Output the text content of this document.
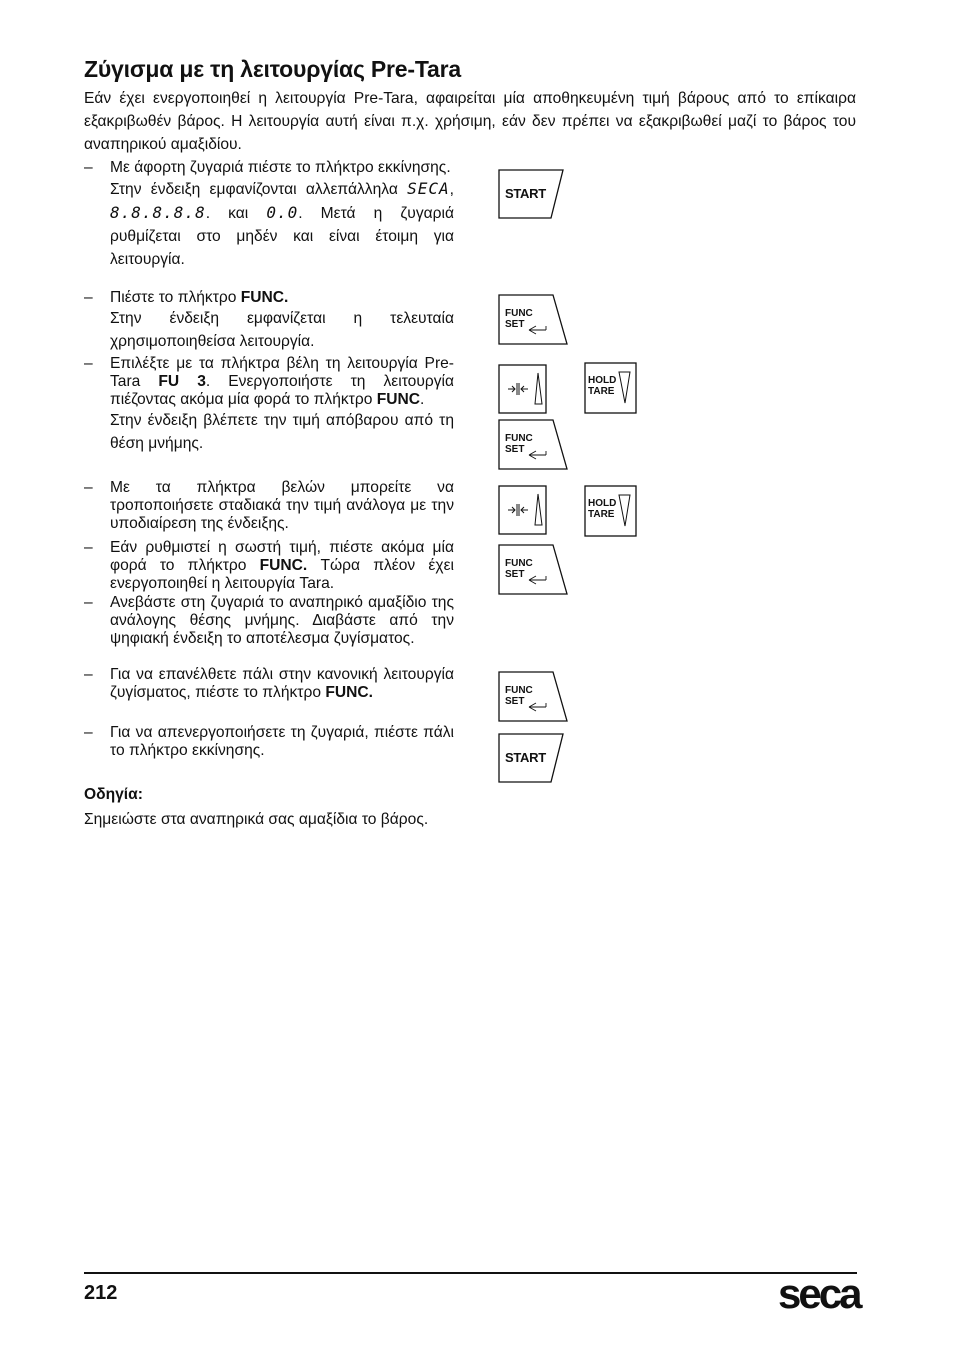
Ζύγισμα με τη λειτουργίας Pre-Tara

Εάν έχει ενεργοποιηθεί η λειτουργία Pre-Tara, αφαιρείται μία αποθηκευμένη τιμή βάρους από το επίκαιρα εξακριβωθέν βάρος. Η λειτουργία αυτή είναι π.χ. χρήσιμη, εάν δεν πρέπει να εξακριβωθεί μαζί το βάρος του αναπηρικού αμαξιδίου.

– Με άφορτη ζυγαριά πιέστε το πλήκτρο εκκίνησης.

Στην ένδειξη εμφανίζονται αλλεπάλληλα SECA, 8.8.8.8.8. και 0.0. Μετά η ζυγαριά ρυθμίζεται στο μηδέν και είναι έτοιμη για λειτουργία.

– Πιέστε το πλήκτρο FUNC.

Στην ένδειξη εμφανίζεται η τελευταία χρησιμοποιηθείσα λειτουργία.

– Επιλέξτε με τα πλήκτρα βέλη τη λειτουργία Pre-Tara FU 3. Ενεργοποιήστε τη λειτουργία πιέζοντας ακόμα μία φορά το πλήκτρο FUNC.

Στην ένδειξη βλέπετε την τιμή απόβαρου από τη θέση μνήμης.

– Με τα πλήκτρα βελών μπορείτε να τροποποιήσετε σταδιακά την τιμή ανάλογα με την υποδιαίρεση της ένδειξης.

– Εάν ρυθμιστεί η σωστή τιμή, πιέστε ακόμα μία φορά το πλήκτρο FUNC. Τώρα πλέον έχει ενεργοποιηθεί η λειτουργία Tara.

– Ανεβάστε στη ζυγαριά το αναπηρικό αμαξίδιο της ανάλογης θέσης μνήμης. Διαβάστε από την ψηφιακή ένδειξη το αποτέλεσμα ζυγίσματος.

– Για να επανέλθετε πάλι στην κανονική λειτουργία ζυγίσματος, πιέστε το πλήκτρο FUNC.

– Για να απενεργοποιήσετε τη ζυγαριά, πιέστε πάλι το πλήκτρο εκκίνησης.

Οδηγία:
Σημειώστε στα αναπηρικά σας αμαξίδια το βάρος.
START
FUNC
SET
HOLD
TARE
FUNC
SET
HOLD
TARE
FUNC
SET
FUNC
SET
START
212	seca
